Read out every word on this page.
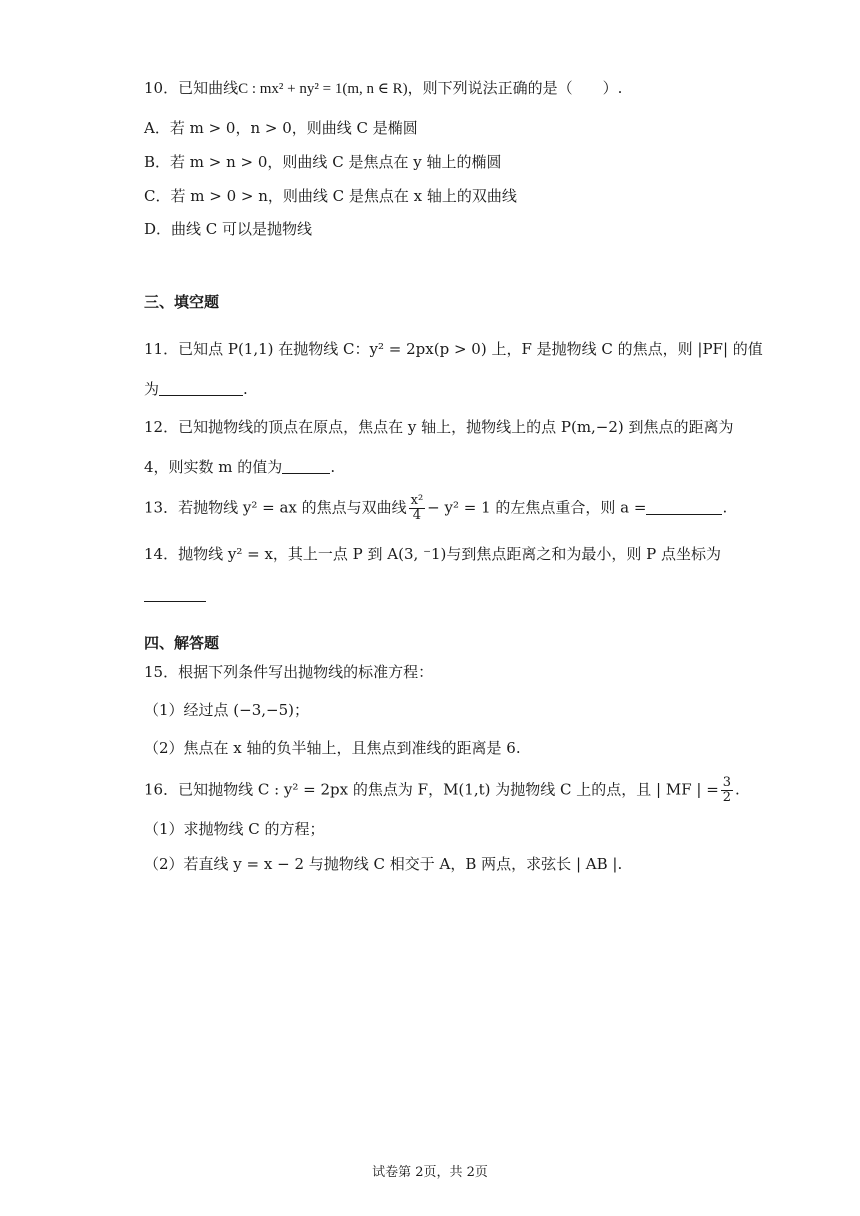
10．已知曲线C : mx² + ny² = 1(m, n ∈ R)，则下列说法正确的是（　　）.
A．若 m > 0，n > 0，则曲线 C 是椭圆
B．若 m > n > 0，则曲线 C 是焦点在 y 轴上的椭圆
C．若 m > 0 > n，则曲线 C 是焦点在 x 轴上的双曲线
D．曲线 C 可以是抛物线
三、填空题
11．已知点 P(1,1) 在抛物线 C：y² = 2px(p > 0) 上，F 是抛物线 C 的焦点，则 |PF| 的值
为	.
12．已知抛物线的顶点在原点，焦点在 y 轴上，抛物线上的点 P(m,−2) 到焦点的距离为
4，则实数 m 的值为	.
13．若抛物线 y² = ax 的焦点与双曲线 $\frac{\text{x²}}{4} - y^2 = 1$ 的左焦点重合，则 a =	.
14．抛物线 y² = x，其上一点 P 到 A(3, ⁻1)与到焦点距离之和为最小，则 P 点坐标为
四、解答题
15．根据下列条件写出抛物线的标准方程：
（1）经过点 (−3,−5)；
（2）焦点在 x 轴的负半轴上，且焦点到准线的距离是 6.
16．已知抛物线 C : y² = 2px 的焦点为 F，M(1,t) 为抛物线 C 上的点，且 | MF | = $\frac{3}{2}$ .
（1）求抛物线 C 的方程；
（2）若直线 y = x − 2 与抛物线 C 相交于 A，B 两点，求弦长 | AB |.
试卷第 2页，共 2页
